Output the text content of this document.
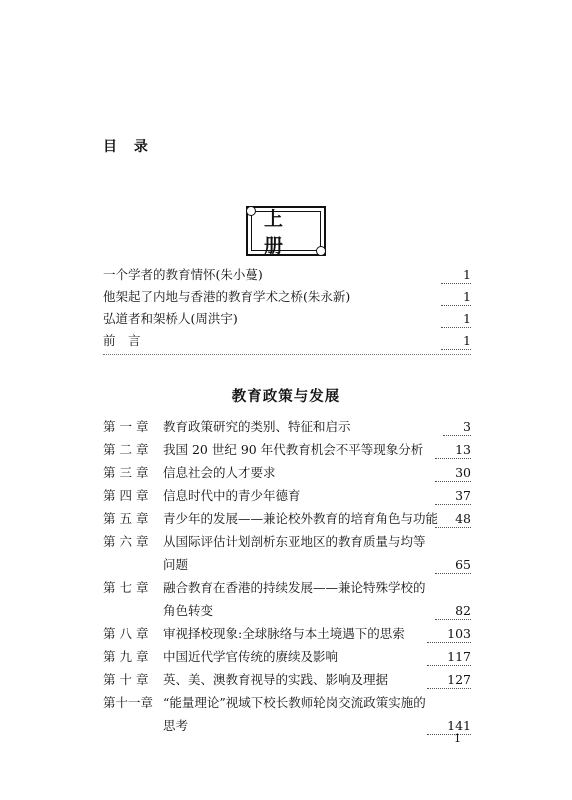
目 录
上册
一个学者的教育情怀(朱小蔓)	1
他架起了内地与香港的教育学术之桥(朱永新)	1
弘道者和架桥人(周洪宇)	1
前　言	1
教育政策与发展
第 一 章	教育政策研究的类别、特征和启示	3
第 二 章	我国 20 世纪 90 年代教育机会不平等现象分析	13
第 三 章	信息社会的人才要求	30
第 四 章	信息时代中的青少年德育	37
第 五 章	青少年的发展——兼论校外教育的培育角色与功能	48
第 六 章	从国际评估计划剖析东亚地区的教育质量与均等
问题	65
第 七 章	融合教育在香港的持续发展——兼论特殊学校的
角色转变	82
第 八 章	审视择校现象:全球脉络与本土境遇下的思索	103
第 九 章	中国近代学官传统的赓续及影响	117
第 十 章	英、美、澳教育视导的实践、影响及理据	127
第十一章 “能量理论”视域下校长教师轮岗交流政策实施的
思考	141
1
